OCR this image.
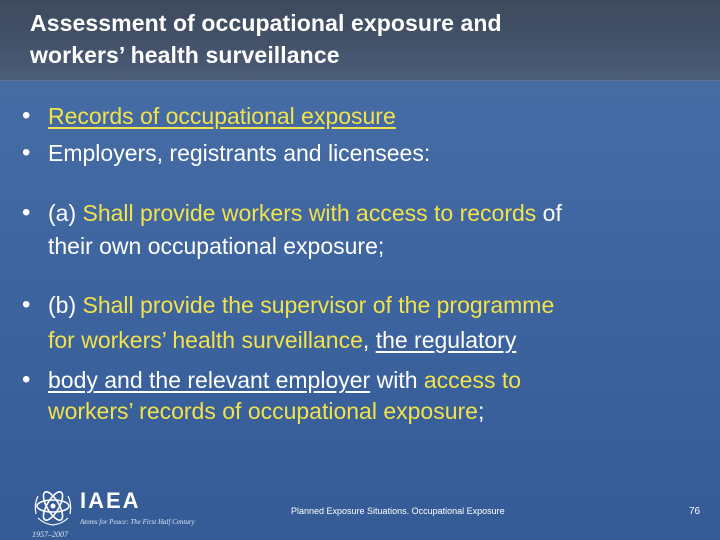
Assessment of occupational exposure and
workers’ health surveillance
• Records of occupational exposure
• Employers, registrants and licensees:
• (a) Shall provide workers with access to records of
their own occupational exposure;
• (b) Shall provide the supervisor of the programme
for workers’ health surveillance, the regulatory
• body and the relevant employer with access to
workers’ records of occupational exposure;
IAEA
Atoms for Peace: The First Half Century
1957–2007
Planned Exposure Situations. Occupational Exposure	76
